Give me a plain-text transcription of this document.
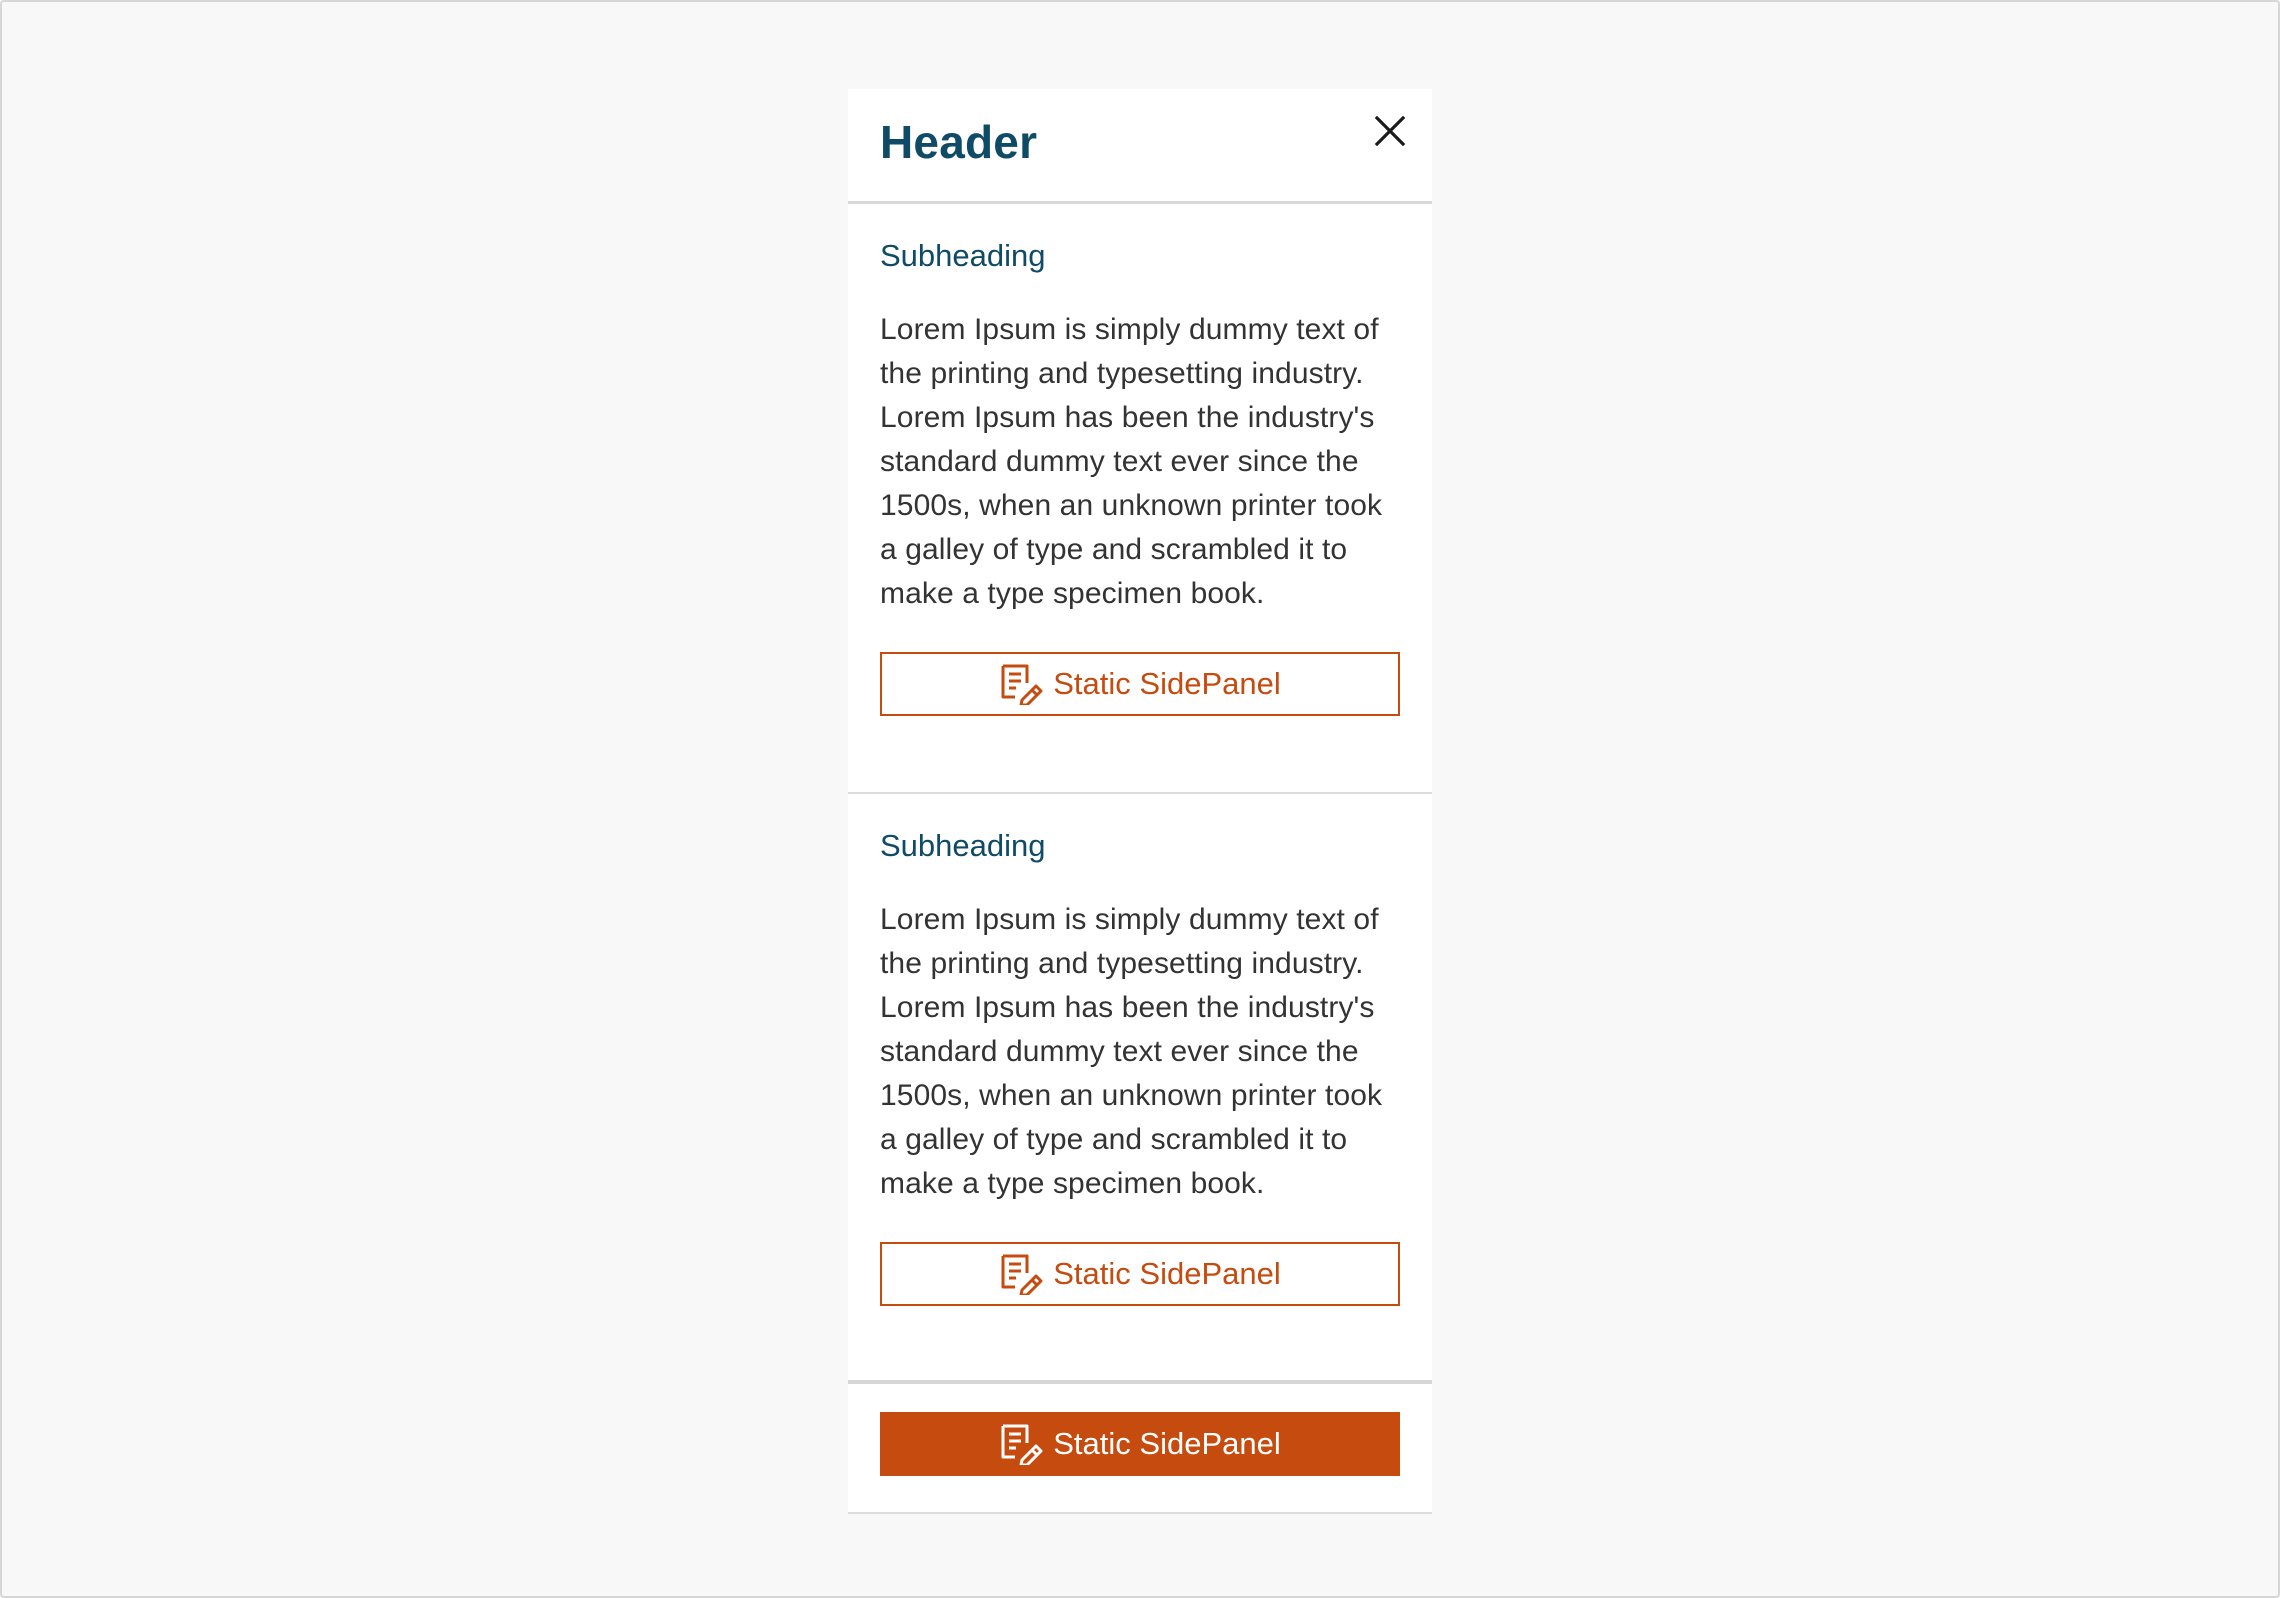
Header
Subheading

Lorem Ipsum is simply dummy text of the printing and typesetting industry. Lorem Ipsum has been the industry's standard dummy text ever since the 1500s, when an unknown printer took a galley of type and scrambled it to make a type specimen book.

Static SidePanel
Subheading

Lorem Ipsum is simply dummy text of the printing and typesetting industry. Lorem Ipsum has been the industry's standard dummy text ever since the 1500s, when an unknown printer took a galley of type and scrambled it to make a type specimen book.

Static SidePanel
Static SidePanel
